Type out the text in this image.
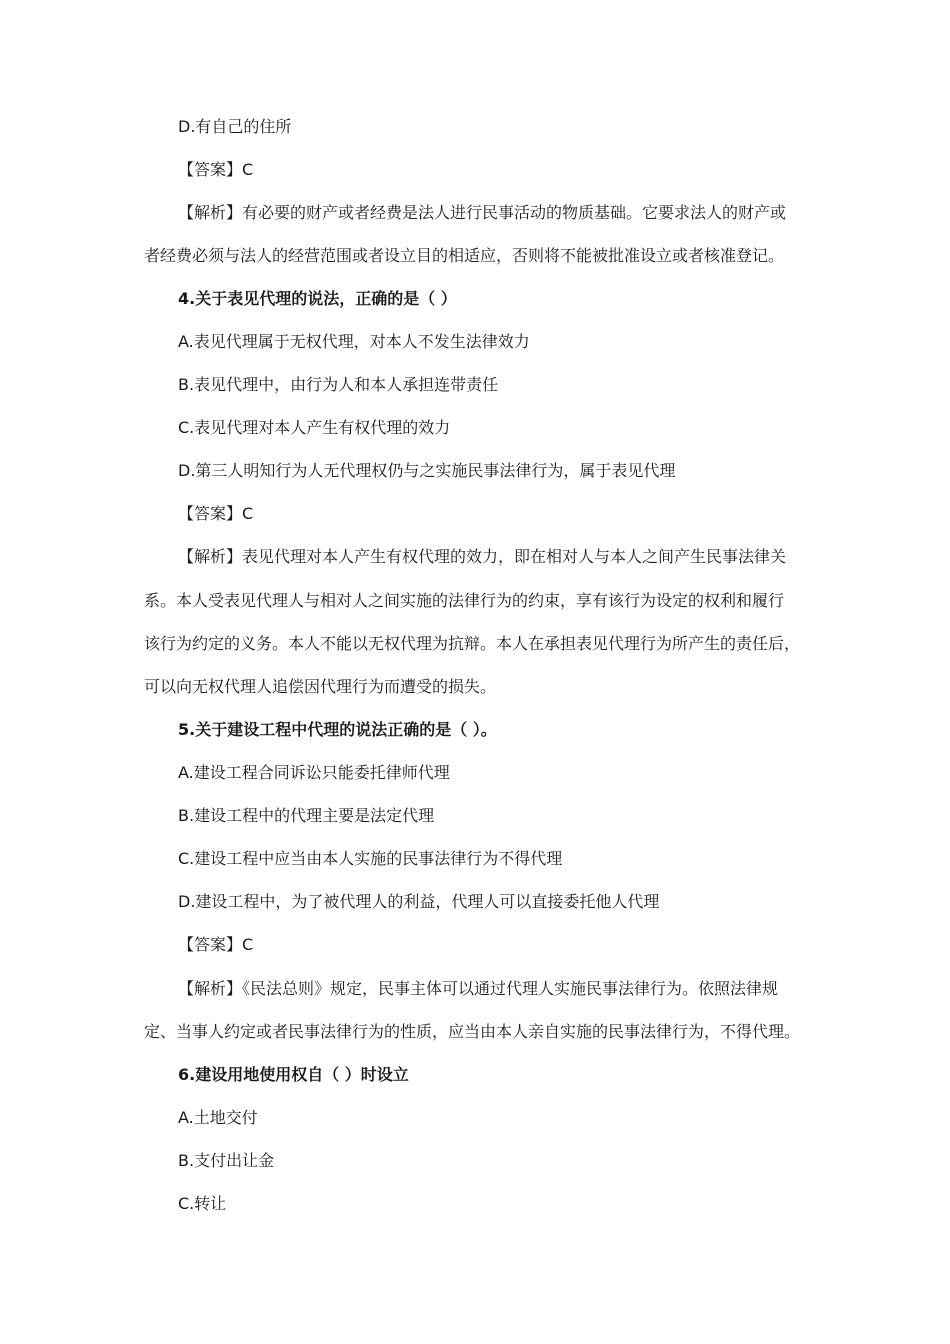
D.有自己的住所
【答案】C
【解析】有必要的财产或者经费是法人进行民事活动的物质基础。它要求法人的财产或
者经费必须与法人的经营范围或者设立目的相适应，否则将不能被批准设立或者核准登记。
4.关于表见代理的说法，正确的是（ ）
A.表见代理属于无权代理，对本人不发生法律效力
B.表见代理中，由行为人和本人承担连带责任
C.表见代理对本人产生有权代理的效力
D.第三人明知行为人无代理权仍与之实施民事法律行为，属于表见代理
【答案】C
【解析】表见代理对本人产生有权代理的效力，即在相对人与本人之间产生民事法律关
系。本人受表见代理人与相对人之间实施的法律行为的约束，享有该行为设定的权利和履行
该行为约定的义务。本人不能以无权代理为抗辩。本人在承担表见代理行为所产生的责任后，
可以向无权代理人追偿因代理行为而遭受的损失。
5.关于建设工程中代理的说法正确的是（ ）。
A.建设工程合同诉讼只能委托律师代理
B.建设工程中的代理主要是法定代理
C.建设工程中应当由本人实施的民事法律行为不得代理
D.建设工程中，为了被代理人的利益，代理人可以直接委托他人代理
【答案】C
【解析】《民法总则》规定，民事主体可以通过代理人实施民事法律行为。依照法律规
定、当事人约定或者民事法律行为的性质，应当由本人亲自实施的民事法律行为，不得代理。
6.建设用地使用权自（ ）时设立
A.土地交付
B.支付出让金
C.转让
